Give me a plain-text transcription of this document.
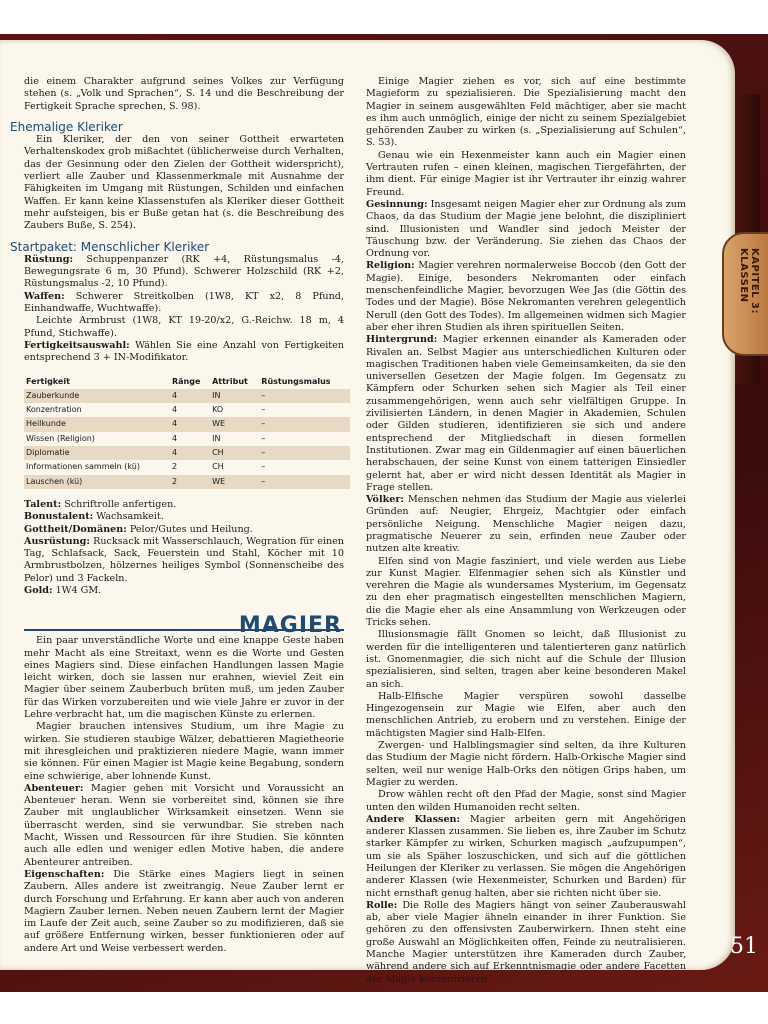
die einem Charakter aufgrund seines Volkes zur Verfügung stehen (s. „Volk und Sprachen“, S. 14 und die Beschreibung der Fertigkeit Sprache sprechen, S. 98).

Ehemalige Kleriker

Ein Kleriker, der den von seiner Gottheit erwarteten Verhaltenskodex grob mißachtet (üblicherweise durch Verhalten, das der Gesinnung oder den Zielen der Gottheit widerspricht), verliert alle Zauber und Klassenmerkmale mit Ausnahme der Fähigkeiten im Umgang mit Rüstungen, Schilden und einfachen Waffen. Er kann keine Klassenstufen als Kleriker dieser Gottheit mehr aufsteigen, bis er Buße getan hat (s. die Beschreibung des Zaubers Buße, S. 254).

Startpaket: Menschlicher Kleriker

Rüstung: Schuppenpanzer (RK +4, Rüstungsmalus -4, Bewegungsrate 6 m, 30 Pfund). Schwerer Holzschild (RK +2, Rüstungsmalus -2, 10 Pfund).

Waffen: Schwerer Streitkolben (1W8, KT x2, 8 Pfund, Einhandwaffe, Wuchtwaffe).

Leichte Armbrust (1W8, KT 19-20/x2, G.-Reichw. 18 m, 4 Pfund, Stichwaffe).

Fertigkeitsauswahl: Wählen Sie eine Anzahl von Fertigkeiten entsprechend 3 + IN-Modifikator.

Fertigkeit	Ränge	Attribut	Rüstungsmalus
Zauberkunde	4	IN	–
Konzentration	4	KO	–
Heilkunde	4	WE	–
Wissen (Religion)	4	IN	–
Diplomatie	4	CH	–
Informationen sammeln (kü)	2	CH	–
Lauschen (kü)	2	WE	–

Talent: Schriftrolle anfertigen.

Bonustalent: Wachsamkeit.

Gottheit/Domänen: Pelor/Gutes und Heilung.

Ausrüstung: Rucksack mit Wasserschlauch, Wegration für einen Tag, Schlafsack, Sack, Feuerstein und Stahl, Köcher mit 10 Armbrustbolzen, hölzernes heiliges Symbol (Sonnenscheibe des Pelor) und 3 Fackeln.

Gold: 1W4 GM.

MAGIER

Ein paar unverständliche Worte und eine knappe Geste haben mehr Macht als eine Streitaxt, wenn es die Worte und Gesten eines Magiers sind. Diese einfachen Handlungen lassen Magie leicht wirken, doch sie lassen nur erahnen, wieviel Zeit ein Magier über seinem Zauberbuch brüten muß, um jeden Zauber für das Wirken vorzubereiten und wie viele Jahre er zuvor in der Lehre verbracht hat, um die magischen Künste zu erlernen.

Magier brauchen intensives Studium, um ihre Magie zu wirken. Sie studieren staubige Wälzer, debattieren Magietheorie mit ihresgleichen und praktizieren niedere Magie, wann immer sie können. Für einen Magier ist Magie keine Begabung, sondern eine schwierige, aber lohnende Kunst.

Abenteuer: Magier gehen mit Vorsicht und Voraussicht an Abenteuer heran. Wenn sie vorbereitet sind, können sie ihre Zauber mit unglaublicher Wirksamkeit einsetzen. Wenn sie überrascht werden, sind sie verwundbar. Sie streben nach Macht, Wissen und Ressourcen für ihre Studien. Sie könnten auch alle edlen und weniger edlen Motive haben, die andere Abenteurer antreiben.

Eigenschaften: Die Stärke eines Magiers liegt in seinen Zaubern. Alles andere ist zweitrangig. Neue Zauber lernt er durch Forschung und Erfahrung. Er kann aber auch von anderen Magiern Zauber lernen. Neben neuen Zaubern lernt der Magier im Laufe der Zeit auch, seine Zauber so zu modifizieren, daß sie auf größere Entfernung wirken, besser funktionieren oder auf andere Art und Weise verbessert werden.

Einige Magier ziehen es vor, sich auf eine bestimmte Magieform zu spezialisieren. Die Spezialisierung macht den Magier in seinem ausgewählten Feld mächtiger, aber sie macht es ihm auch unmöglich, einige der nicht zu seinem Spezialgebiet gehörenden Zauber zu wirken (s. „Spezialisierung auf Schulen“, S. 53).

Genau wie ein Hexenmeister kann auch ein Magier einen Vertrauten rufen – einen kleinen, magischen Tiergefährten, der ihm dient. Für einige Magier ist ihr Vertrauter ihr einzig wahrer Freund.

Gesinnung: Insgesamt neigen Magier eher zur Ordnung als zum Chaos, da das Studium der Magie jene belohnt, die diszipliniert sind. Illusionisten und Wandler sind jedoch Meister der Täuschung bzw. der Veränderung. Sie ziehen das Chaos der Ordnung vor.

Religion: Magier verehren normalerweise Boccob (den Gott der Magie). Einige, besonders Nekromanten oder einfach menschenfeindliche Magier, bevorzugen Wee Jas (die Göttin des Todes und der Magie). Böse Nekromanten verehren gelegentlich Nerull (den Gott des Todes). Im allgemeinen widmen sich Magier aber eher ihren Studien als ihren spirituellen Seiten.

Hintergrund: Magier erkennen einander als Kameraden oder Rivalen an. Selbst Magier aus unterschiedlichen Kulturen oder magischen Traditionen haben viele Gemeinsamkeiten, da sie den universellen Gesetzen der Magie folgen. Im Gegensatz zu Kämpfern oder Schurken sehen sich Magier als Teil einer zusammengehörigen, wenn auch sehr vielfältigen Gruppe. In zivilisierten Ländern, in denen Magier in Akademien, Schulen oder Gilden studieren, identifizieren sie sich und andere entsprechend der Mitgliedschaft in diesen formellen Institutionen. Zwar mag ein Gildenmagier auf einen bäuerlichen herabschauen, der seine Kunst von einem tatterigen Einsiedler gelernt hat, aber er wird nicht dessen Identität als Magier in Frage stellen.

Völker: Menschen nehmen das Studium der Magie aus vielerlei Gründen auf: Neugier, Ehrgeiz, Machtgier oder einfach persönliche Neigung. Menschliche Magier neigen dazu, pragmatische Neuerer zu sein, erfinden neue Zauber oder nutzen alte kreativ.

Elfen sind von Magie fasziniert, und viele werden aus Liebe zur Kunst Magier. Elfenmagier sehen sich als Künstler und verehren die Magie als wundersames Mysterium, im Gegensatz zu den eher pragmatisch eingestellten menschlichen Magiern, die die Magie eher als eine Ansammlung von Werkzeugen oder Tricks sehen.

Illusionsmagie fällt Gnomen so leicht, daß Illusionist zu werden für die intelligenteren und talentierteren ganz natürlich ist. Gnomenmagier, die sich nicht auf die Schule der Illusion spezialisieren, sind selten, tragen aber keine besonderen Makel an sich.

Halb-Elfische Magier verspüren sowohl dasselbe Hingezogensein zur Magie wie Elfen, aber auch den menschlichen Antrieb, zu erobern und zu verstehen. Einige der mächtigsten Magier sind Halb-Elfen.

Zwergen- und Halblingsmagier sind selten, da ihre Kulturen das Studium der Magie nicht fördern. Halb-Orkische Magier sind selten, weil nur wenige Halb-Orks den nötigen Grips haben, um Magier zu werden.

Drow wählen recht oft den Pfad der Magie, sonst sind Magier unten den wilden Humanoiden recht selten.

Andere Klassen: Magier arbeiten gern mit Angehörigen anderer Klassen zusammen. Sie lieben es, ihre Zauber im Schutz starker Kämpfer zu wirken, Schurken magisch „aufzupumpen“, um sie als Späher loszuschicken, und sich auf die göttlichen Heilungen der Kleriker zu verlassen. Sie mögen die Angehörigen anderer Klassen (wie Hexenmeister, Schurken und Barden) für nicht ernsthaft genug halten, aber sie richten nicht über sie.

Rolle: Die Rolle des Magiers hängt von seiner Zauberauswahl ab, aber viele Magier ähneln einander in ihrer Funktion. Sie gehören zu den offensivsten Zauberwirkern. Ihnen steht eine große Auswahl an Möglichkeiten offen, Feinde zu neutralisieren. Manche Magier unterstützen ihre Kameraden durch Zauber, während andere sich auf Erkenntnismagie oder andere Facetten der Magie konzentrieren.

KAPITEL 3:
KLASSEN
51
